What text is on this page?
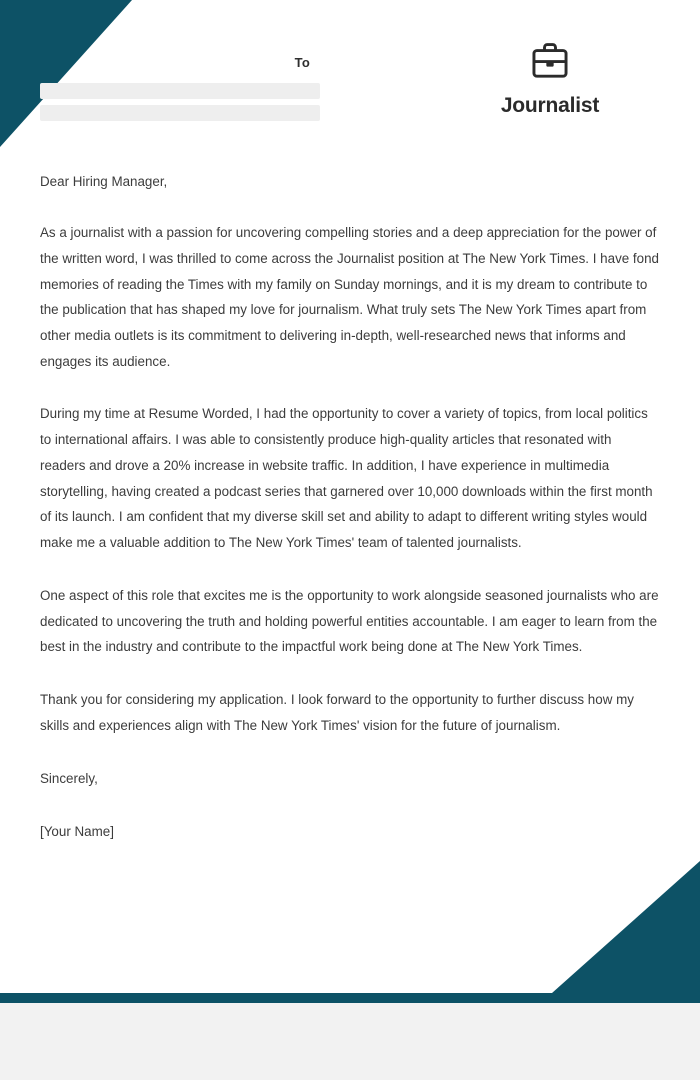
To
Journalist
Dear Hiring Manager,

As a journalist with a passion for uncovering compelling stories and a deep appreciation for the power of the written word, I was thrilled to come across the Journalist position at The New York Times. I have fond memories of reading the Times with my family on Sunday mornings, and it is my dream to contribute to the publication that has shaped my love for journalism. What truly sets The New York Times apart from other media outlets is its commitment to delivering in-depth, well-researched news that informs and engages its audience.

During my time at Resume Worded, I had the opportunity to cover a variety of topics, from local politics to international affairs. I was able to consistently produce high-quality articles that resonated with readers and drove a 20% increase in website traffic. In addition, I have experience in multimedia storytelling, having created a podcast series that garnered over 10,000 downloads within the first month of its launch. I am confident that my diverse skill set and ability to adapt to different writing styles would make me a valuable addition to The New York Times' team of talented journalists.

One aspect of this role that excites me is the opportunity to work alongside seasoned journalists who are dedicated to uncovering the truth and holding powerful entities accountable. I am eager to learn from the best in the industry and contribute to the impactful work being done at The New York Times.

Thank you for considering my application. I look forward to the opportunity to further discuss how my skills and experiences align with The New York Times' vision for the future of journalism.

Sincerely,
[Your Name]
